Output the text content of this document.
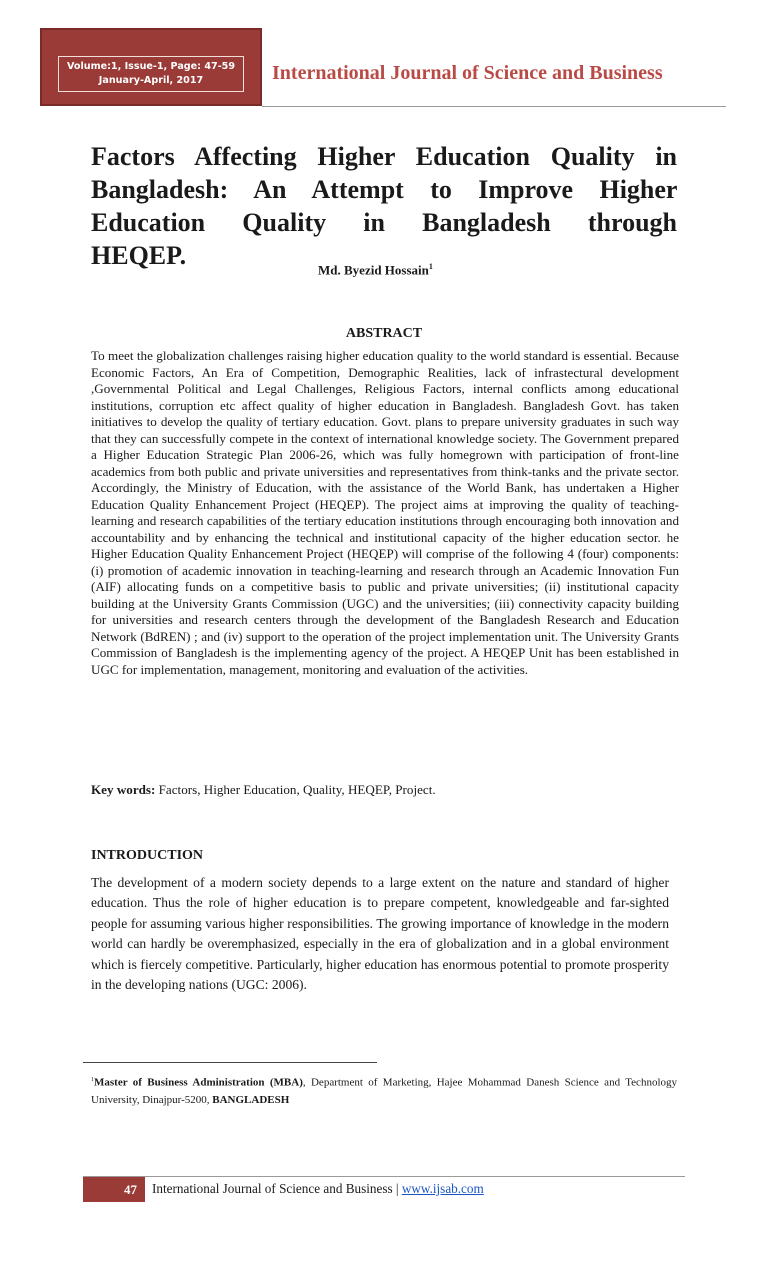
Volume:1, Issue-1, Page: 47-59
January-April, 2017	International Journal of Science and Business
Factors Affecting Higher Education Quality in Bangladesh: An Attempt to Improve Higher Education Quality in Bangladesh through
HEQEP.	Md. Byezid Hossain$^1$
ABSTRACT

To meet the globalization challenges raising higher education quality to the world standard is essential. Because Economic Factors, An Era of Competition, Demographic Realities, lack of infrastectural development ,Governmental Political and Legal Challenges, Religious Factors, internal conflicts among educational institutions, corruption etc affect quality of higher education in Bangladesh. Bangladesh Govt. has taken initiatives to develop the quality of tertiary education. Govt. plans to prepare university graduates in such way that they can successfully compete in the context of international knowledge society. The Government prepared a Higher Education Strategic Plan 2006-26, which was fully homegrown with participation of front-line academics from both public and private universities and representatives from think-tanks and the private sector. Accordingly, the Ministry of Education, with the assistance of the World Bank, has undertaken a Higher Education Quality Enhancement Project (HEQEP). The project aims at improving the quality of teaching-learning and research capabilities of the tertiary education institutions through encouraging both innovation and accountability and by enhancing the technical and institutional capacity of the higher education sector. he Higher Education Quality Enhancement Project (HEQEP) will comprise of the following 4 (four) components: (i) promotion of academic innovation in teaching-learning and research through an Academic Innovation Fun (AIF) allocating funds on a competitive basis to public and private universities; (ii) institutional capacity building at the University Grants Commission (UGC) and the universities; (iii) connectivity capacity building for universities and research centers through the development of the Bangladesh Research and Education Network (BdREN) ; and (iv) support to the operation of the project implementation unit. The University Grants Commission of Bangladesh is the implementing agency of the project. A HEQEP Unit has been established in UGC for implementation, management, monitoring and evaluation of the activities.

Key words: Factors, Higher Education, Quality, HEQEP, Project.
INTRODUCTION

The development of a modern society depends to a large extent on the nature and standard of higher education. Thus the role of higher education is to prepare competent, knowledgeable and far-sighted people for assuming various higher responsibilities. The growing importance of knowledge in the modern world can hardly be overemphasized, especially in the era of globalization and in a global environment which is fiercely competitive. Particularly, higher education has enormous potential to promote prosperity in the developing nations (UGC: 2006).

$^1$Master of Business Administration (MBA), Department of Marketing, Hajee Mohammad Danesh Science and Technology University, Dinajpur-5200, BANGLADESH

47	International Journal of Science and Business | www.ijsab.com
